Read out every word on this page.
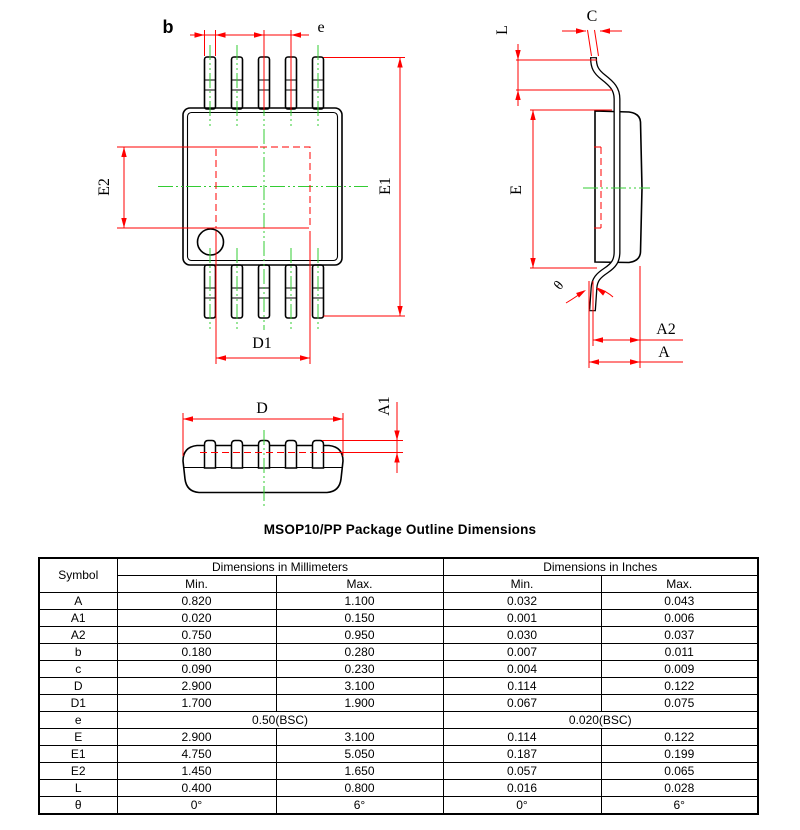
b	e
E1
E2
D1
C
L
E
θ
A2
A
D	A1
MSOP10/PP Package Outline Dimensions
Symbol	Dimensions in Millimeters		Dimensions in Inches	
	Min.	Max.	Min.	Max.
A	0.820	1.100	0.032	0.043
A1	0.020	0.150	0.001	0.006
A2	0.750	0.950	0.030	0.037
b	0.180	0.280	0.007	0.011
c	0.090	0.230	0.004	0.009
D	2.900	3.100	0.114	0.122
D1	1.700	1.900	0.067	0.075
e	0.50(BSC)		0.020(BSC)	
E	2.900	3.100	0.114	0.122
E1	4.750	5.050	0.187	0.199
E2	1.450	1.650	0.057	0.065
L	0.400	0.800	0.016	0.028
θ	0°	6°	0°	6°
